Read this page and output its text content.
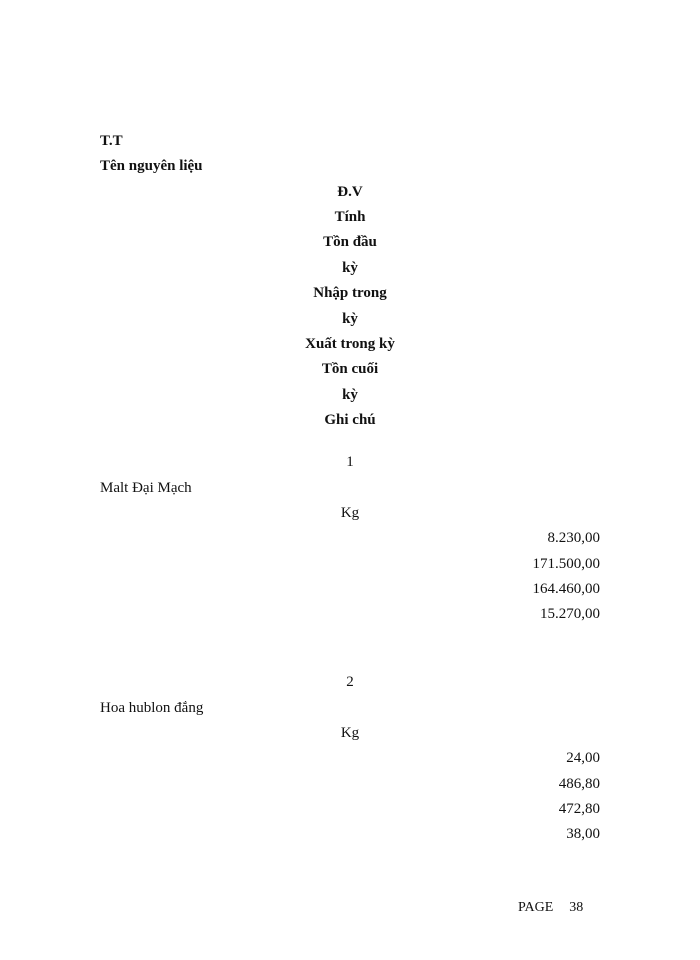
T.T
Tên nguyên liệu
Đ.V
Tính
Tồn đầu
kỳ
Nhập trong
kỳ
Xuất trong kỳ
Tồn cuối
kỳ
Ghi chú
1
Malt Đại Mạch
Kg
8.230,00
171.500,00
164.460,00
15.270,00
2
Hoa hublon đắng
Kg
24,00
486,80
472,80
38,00
PAGE 38
